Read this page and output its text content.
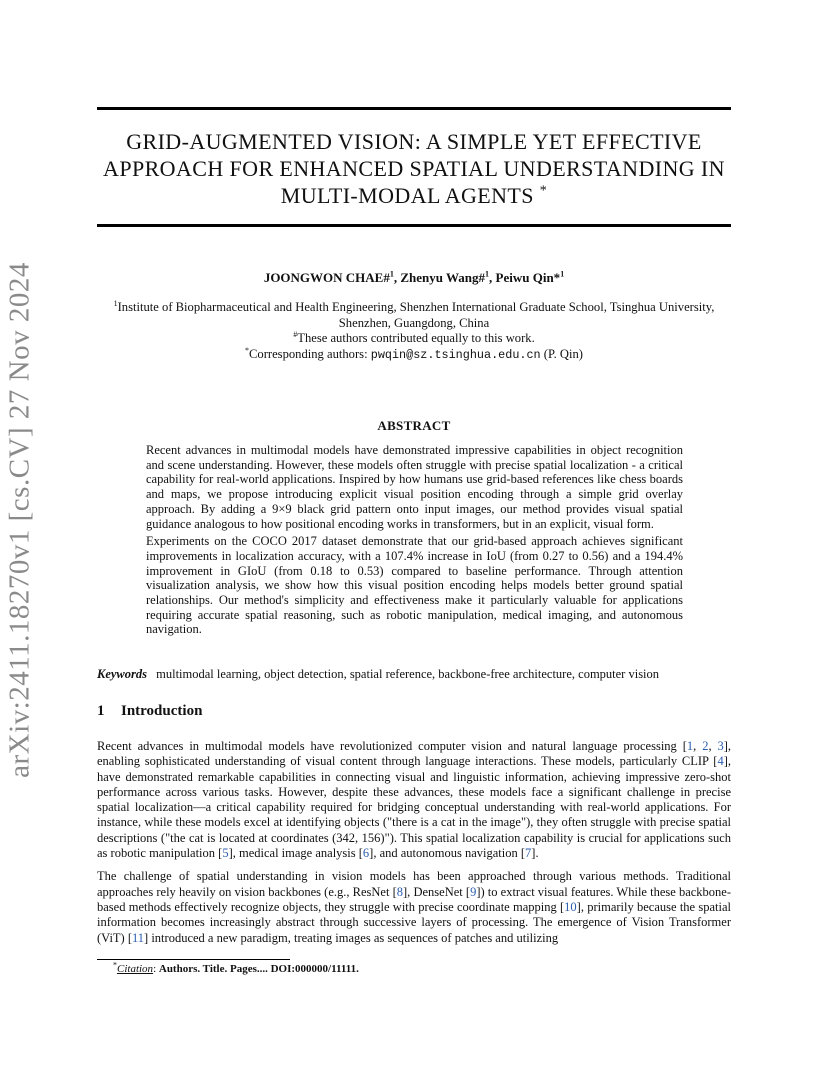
arXiv:2411.18270v1 [cs.CV] 27 Nov 2024
GRID-AUGMENTED VISION: A SIMPLE YET EFFECTIVE
APPROACH FOR ENHANCED SPATIAL UNDERSTANDING IN
MULTI-MODAL AGENTS *
JOONGWON CHAE#$^1$, Zhenyu Wang#$^1$, Peiwu Qin*$^1$
$^1$Institute of Biopharmaceutical and Health Engineering, Shenzhen International Graduate School, Tsinghua University,
Shenzhen, Guangdong, China
#These authors contributed equally to this work.
*Corresponding authors: pwqin@sz.tsinghua.edu.cn (P. Qin)
ABSTRACT

Recent advances in multimodal models have demonstrated impressive capabilities in object recognition and scene understanding. However, these models often struggle with precise spatial localization - a critical capability for real-world applications. Inspired by how humans use grid-based references like chess boards and maps, we propose introducing explicit visual position encoding through a simple grid overlay approach. By adding a 9×9 black grid pattern onto input images, our method provides visual spatial guidance analogous to how positional encoding works in transformers, but in an explicit, visual form.

Experiments on the COCO 2017 dataset demonstrate that our grid-based approach achieves significant improvements in localization accuracy, with a 107.4% increase in IoU (from 0.27 to 0.56) and a 194.4% improvement in GIoU (from 0.18 to 0.53) compared to baseline performance. Through attention visualization analysis, we show how this visual position encoding helps models better ground spatial relationships. Our method's simplicity and effectiveness make it particularly valuable for applications requiring accurate spatial reasoning, such as robotic manipulation, medical imaging, and autonomous navigation.

Keywords multimodal learning, object detection, spatial reference, backbone-free architecture, computer vision
1 Introduction

Recent advances in multimodal models have revolutionized computer vision and natural language processing [1, 2, 3], enabling sophisticated understanding of visual content through language interactions. These models, particularly CLIP [4], have demonstrated remarkable capabilities in connecting visual and linguistic information, achieving impressive zero-shot performance across various tasks. However, despite these advances, these models face a significant challenge in precise spatial localization—a critical capability required for bridging conceptual understanding with real-world applications. For instance, while these models excel at identifying objects ("there is a cat in the image"), they often struggle with precise spatial descriptions ("the cat is located at coordinates (342, 156)"). This spatial localization capability is crucial for applications such as robotic manipulation [5], medical image analysis [6], and autonomous navigation [7].

The challenge of spatial understanding in vision models has been approached through various methods. Traditional approaches rely heavily on vision backbones (e.g., ResNet [8], DenseNet [9]) to extract visual features. While these backbone-based methods effectively recognize objects, they struggle with precise coordinate mapping [10], primarily because the spatial information becomes increasingly abstract through successive layers of processing. The emergence of Vision Transformer (ViT) [11] introduced a new paradigm, treating images as sequences of patches and utilizing

*Citation: Authors. Title. Pages.... DOI:000000/11111.
